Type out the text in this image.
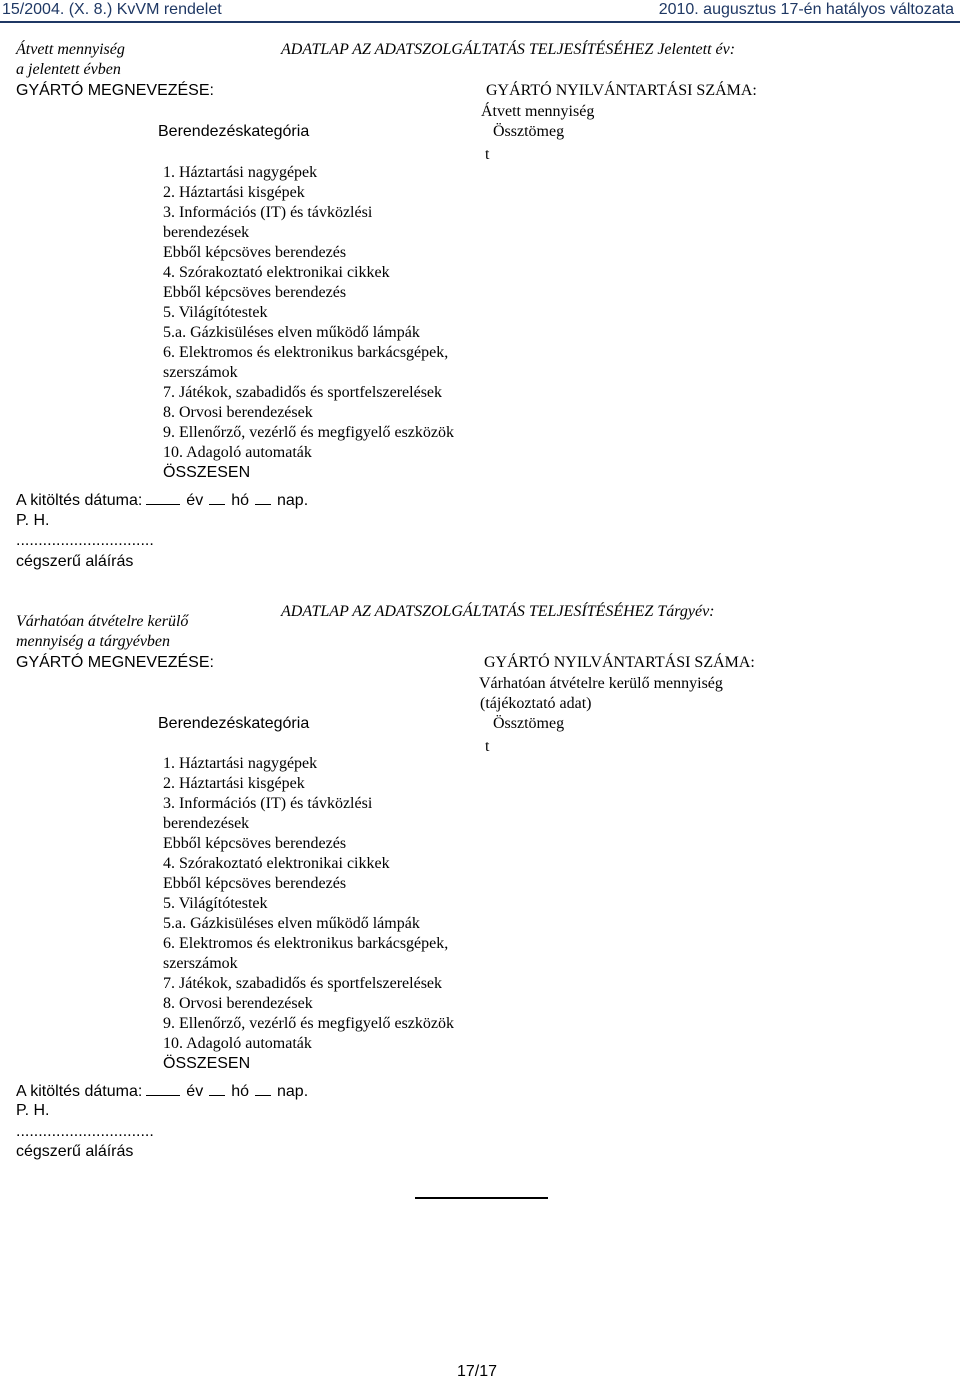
15/2004. (X. 8.) KvVM rendelet	2010. augusztus 17-én hatályos változata
Átvett mennyiség
a jelentett évben
ADATLAP AZ ADATSZOLGÁLTATÁS TELJESÍTÉSÉHEZ Jelentett év:
GYÁRTÓ MEGNEVEZÉSE:	GYÁRTÓ NYILVÁNTARTÁSI SZÁMA:
Átvett mennyiség
Berendezéskategória	Össztömeg
t
1. Háztartási nagygépek
2. Háztartási kisgépek
3. Információs (IT) és távközlési
berendezések
Ebből képcsöves berendezés
4. Szórakoztató elektronikai cikkek
Ebből képcsöves berendezés
5. Világítótestek
5.a. Gázkisüléses elven működő lámpák
6. Elektromos és elektronikus barkácsgépek,
szerszámok
7. Játékok, szabadidős és sportfelszerelések
8. Orvosi berendezések
9. Ellenőrző, vezérlő és megfigyelő eszközök
10. Adagoló automaták
ÖSSZESEN
A kitöltés dátuma:	év hó nap.
P. H.
...............................
cégszerű aláírás
Várhatóan átvételre kerülő
mennyiség a tárgyévben
ADATLAP AZ ADATSZOLGÁLTATÁS TELJESÍTÉSÉHEZ Tárgyév:
GYÁRTÓ MEGNEVEZÉSE:	GYÁRTÓ NYILVÁNTARTÁSI SZÁMA:
Várhatóan átvételre kerülő mennyiség
(tájékoztató adat)
Berendezéskategória	Össztömeg
t
1. Háztartási nagygépek
2. Háztartási kisgépek
3. Információs (IT) és távközlési
berendezések
Ebből képcsöves berendezés
4. Szórakoztató elektronikai cikkek
Ebből képcsöves berendezés
5. Világítótestek
5.a. Gázkisüléses elven működő lámpák
6. Elektromos és elektronikus barkácsgépek,
szerszámok
7. Játékok, szabadidős és sportfelszerelések
8. Orvosi berendezések
9. Ellenőrző, vezérlő és megfigyelő eszközök
10. Adagoló automaták
ÖSSZESEN
A kitöltés dátuma:	év hó nap.
P. H.
...............................
cégszerű aláírás
17/17
